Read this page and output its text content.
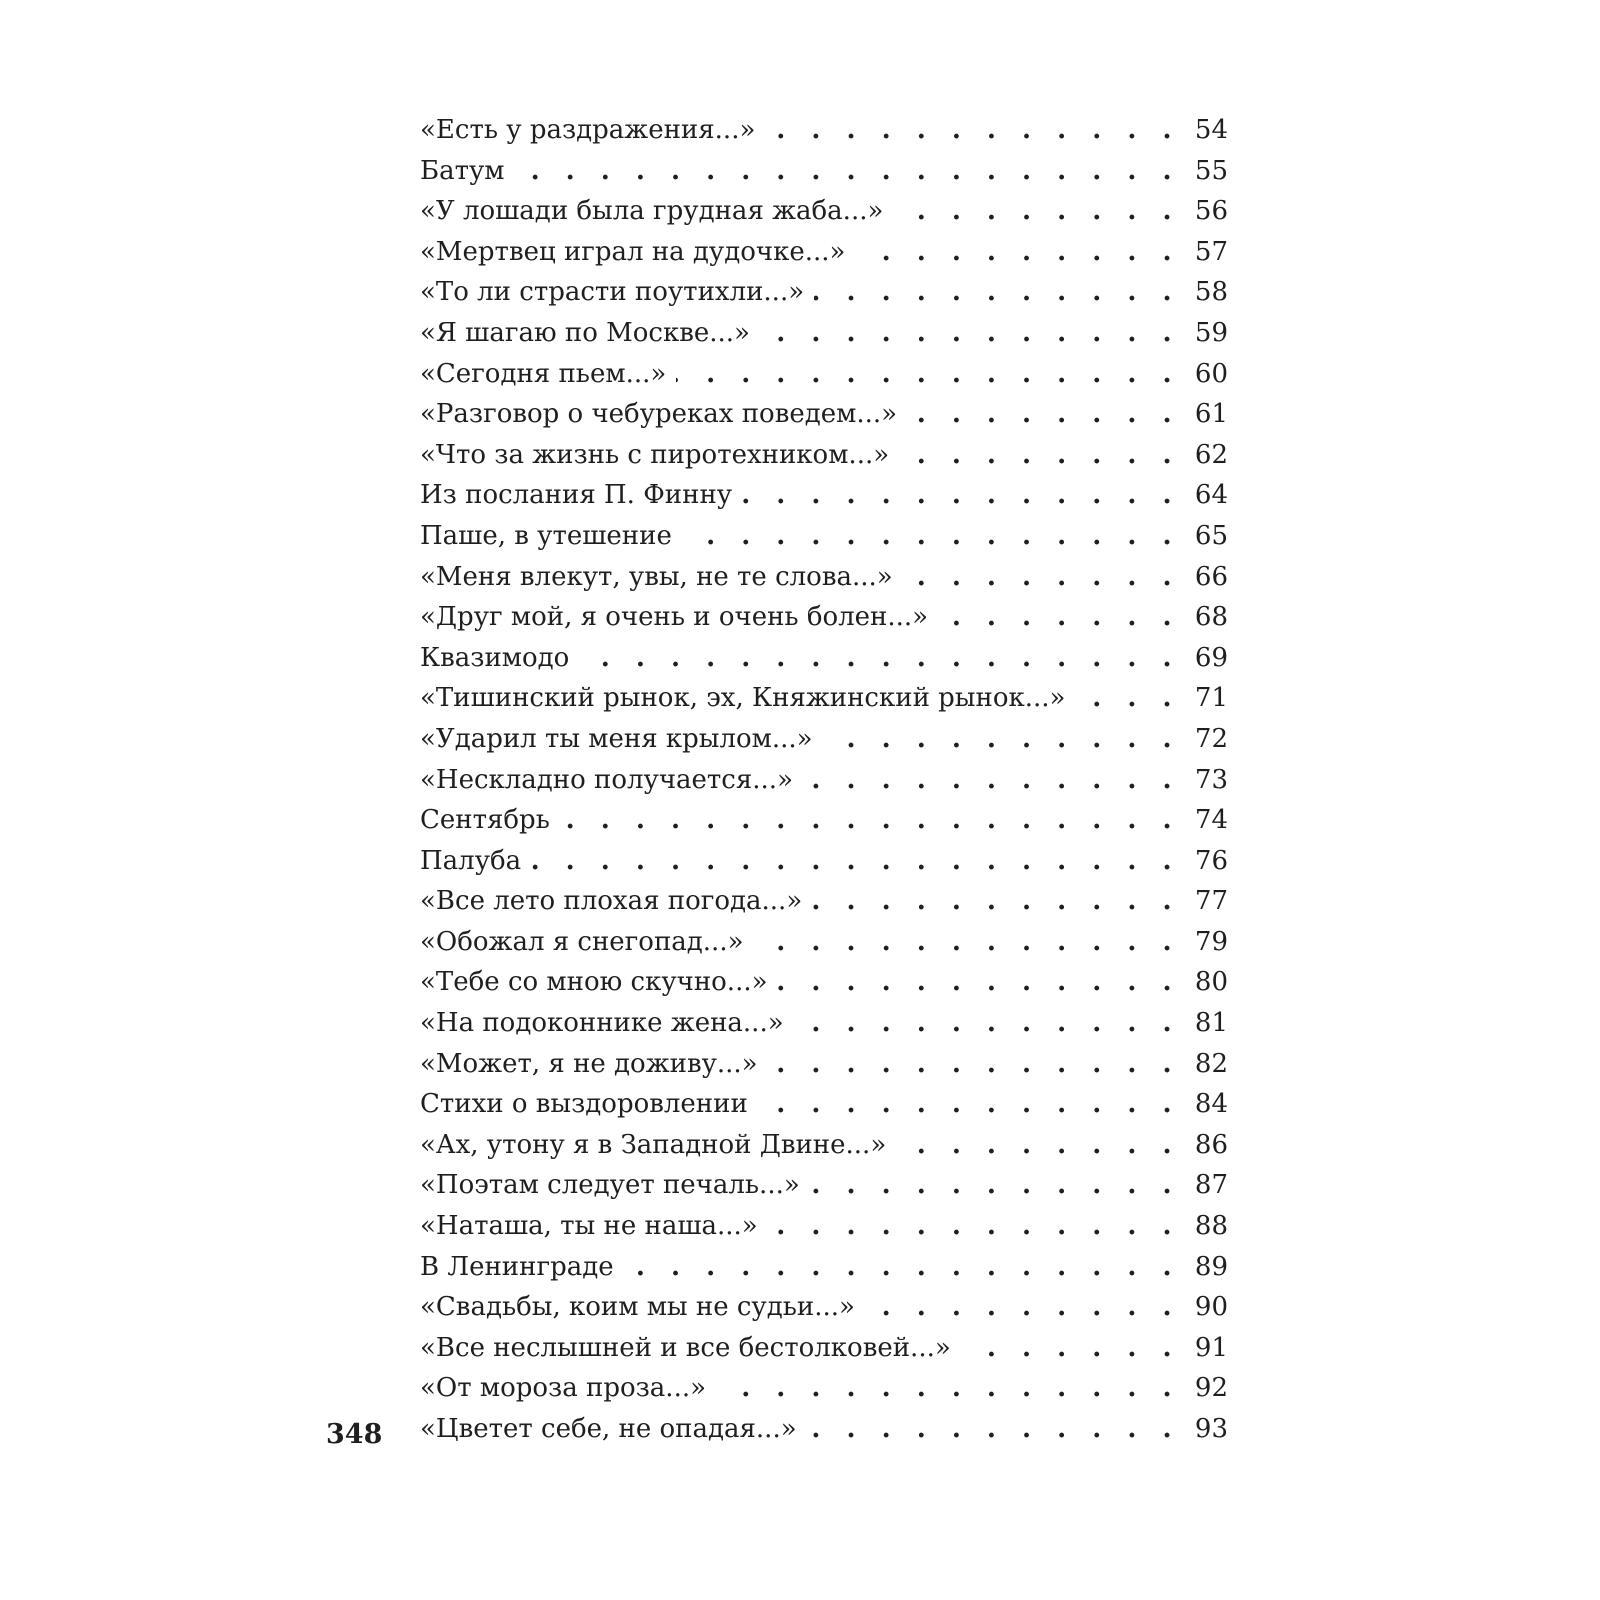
«Есть у раздражения...» . . .	54
Батум . . .	55
«У лошади была грудная жаба...» . . .	56
«Мертвец играл на дудочке...» . . .	57
«То ли страсти поутихли...» . . .	58
«Я шагаю по Москве...» . . .	59
«Сегодня пьем...» . . .	60
«Разговор о чебуреках поведем...» . . .	61
«Что за жизнь с пиротехником...» . . .	62
Из послания П. Финну . . .	64
Паше, в утешение . . .	65
«Меня влекут, увы, не те слова...» . . .	66
«Друг мой, я очень и очень болен...» . . .	68
Квазимодо . . .	69
«Тишинский рынок, эх, Княжинский рынок...» . . .	71
«Ударил ты меня крылом...» . . .	72
«Нескладно получается...» . . .	73
Сентябрь . . .	74
Палуба . . .	76
«Все лето плохая погода...» . . .	77
«Обожал я снегопад...» . . .	79
«Тебе со мною скучно...» . . .	80
«На подоконнике жена...» . . .	81
«Может, я не доживу...» . . .	82
Стихи о выздоровлении . . .	84
«Ах, утону я в Западной Двине...» . . .	86
«Поэтам следует печаль...» . . .	87
«Наташа, ты не наша...» . . .	88
В Ленинграде . . .	89
«Свадьбы, коим мы не судьи...» . . .	90
«Все неслышней и все бестолковей...» . . .	91
«От мороза проза...» . . .	92
«Цветет себе, не опадая...» . . .	93
348
